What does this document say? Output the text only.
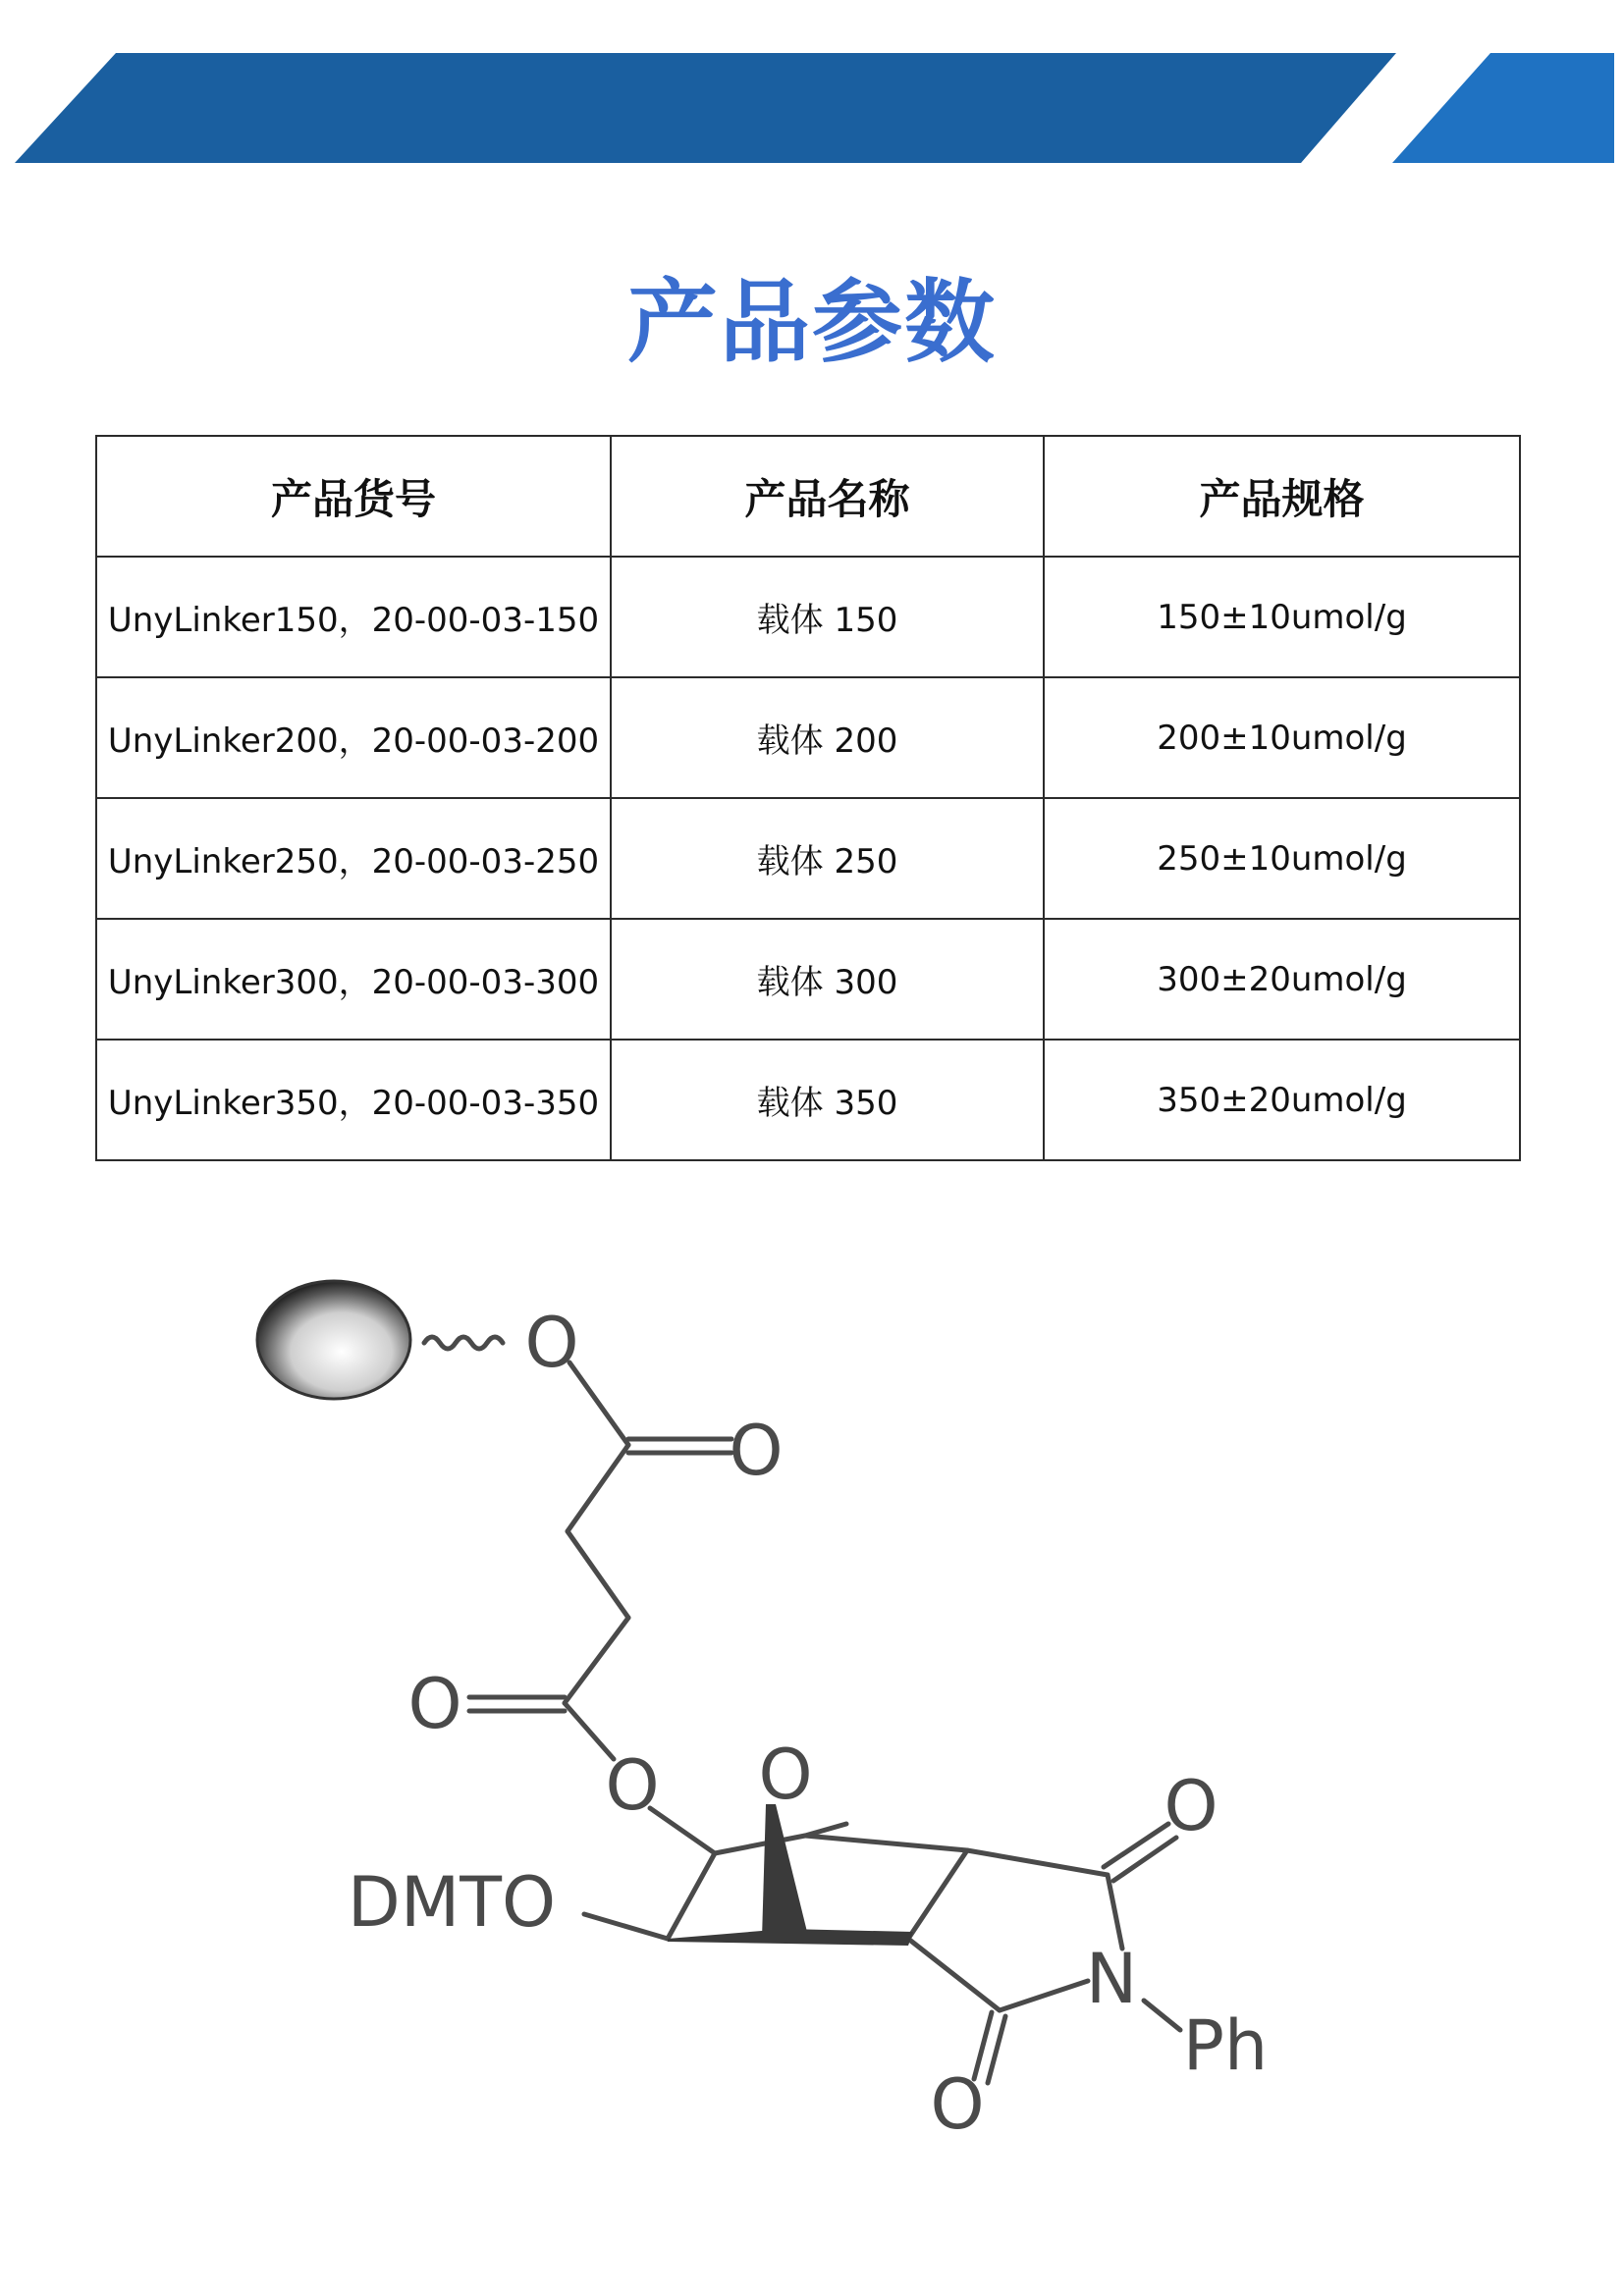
产品参数
产品货号	产品名称	产品规格
UnyLinker150，20-00-03-150	载体 150	150±10umol/g
UnyLinker200，20-00-03-200	载体 200	200±10umol/g
UnyLinker250，20-00-03-250	载体 250	250±10umol/g
UnyLinker300，20-00-03-300	载体 300	300±20umol/g
UnyLinker350，20-00-03-350	载体 350	350±20umol/g
O
O
O
O O	O
O
DMTO
N
Ph
